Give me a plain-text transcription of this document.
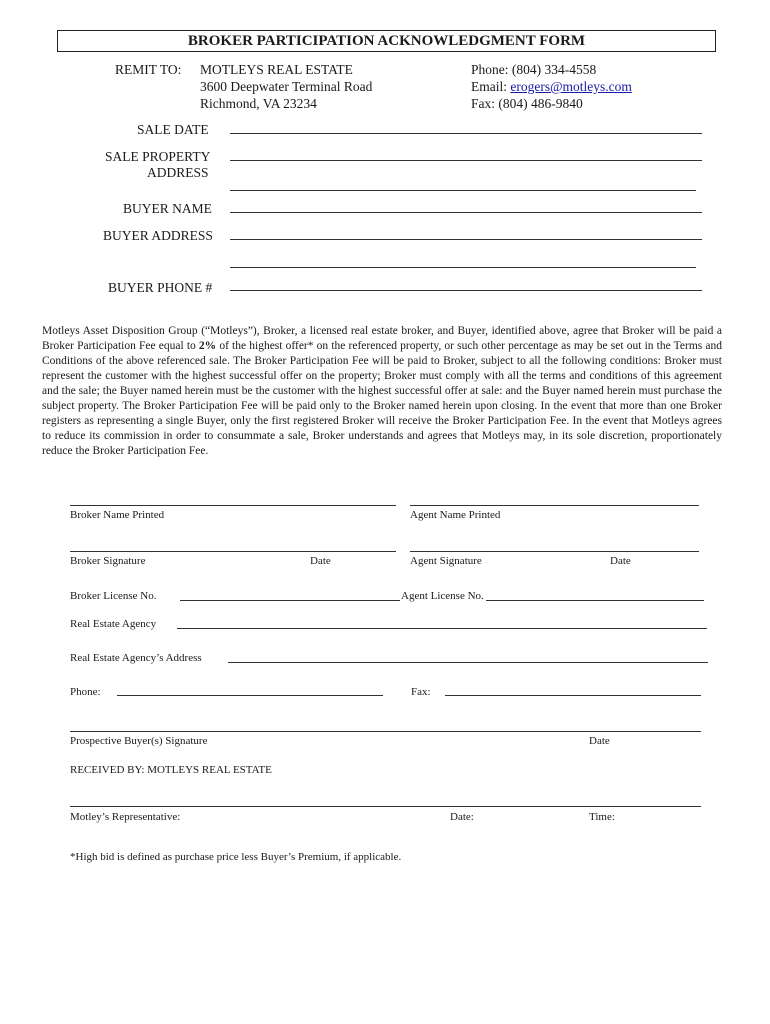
BROKER PARTICIPATION ACKNOWLEDGMENT FORM
REMIT TO: MOTLEYS REAL ESTATE
3600 Deepwater Terminal Road
Richmond, VA 23234
Phone: (804) 334-4558
Email: erogers@motleys.com
Fax: (804) 486-9840
SALE DATE
SALE PROPERTY
ADDRESS
BUYER NAME
BUYER ADDRESS
BUYER PHONE #
Motleys Asset Disposition Group (“Motleys”), Broker, a licensed real estate broker, and Buyer, identified above, agree that Broker will be paid a Broker Participation Fee equal to 2% of the highest offer* on the referenced property, or such other percentage as may be set out in the Terms and Conditions of the above referenced sale. The Broker Participation Fee will be paid to Broker, subject to all the following conditions: Broker must represent the customer with the highest successful offer on the property; Broker must comply with all the terms and conditions of this agreement and the sale; the Buyer named herein must be the customer with the highest successful offer at sale: and the Buyer named herein must purchase the subject property. The Broker Participation Fee will be paid only to the Broker named herein upon closing. In the event that more than one Broker registers as representing a single Buyer, only the first registered Broker will receive the Broker Participation Fee. In the event that Motleys agrees to reduce its commission in order to consummate a sale, Broker understands and agrees that Motleys may, in its sole discretion, proportionately reduce the Broker Participation Fee.
Broker Name Printed	Agent Name Printed
Broker Signature	Date	Agent Signature	Date
Broker License No.	Agent License No.
Real Estate Agency
Real Estate Agency’s Address
Phone:	Fax:
Prospective Buyer(s) Signature	Date
RECEIVED BY: MOTLEYS REAL ESTATE
Motley’s Representative:	Date:	Time:
*High bid is defined as purchase price less Buyer’s Premium, if applicable.
